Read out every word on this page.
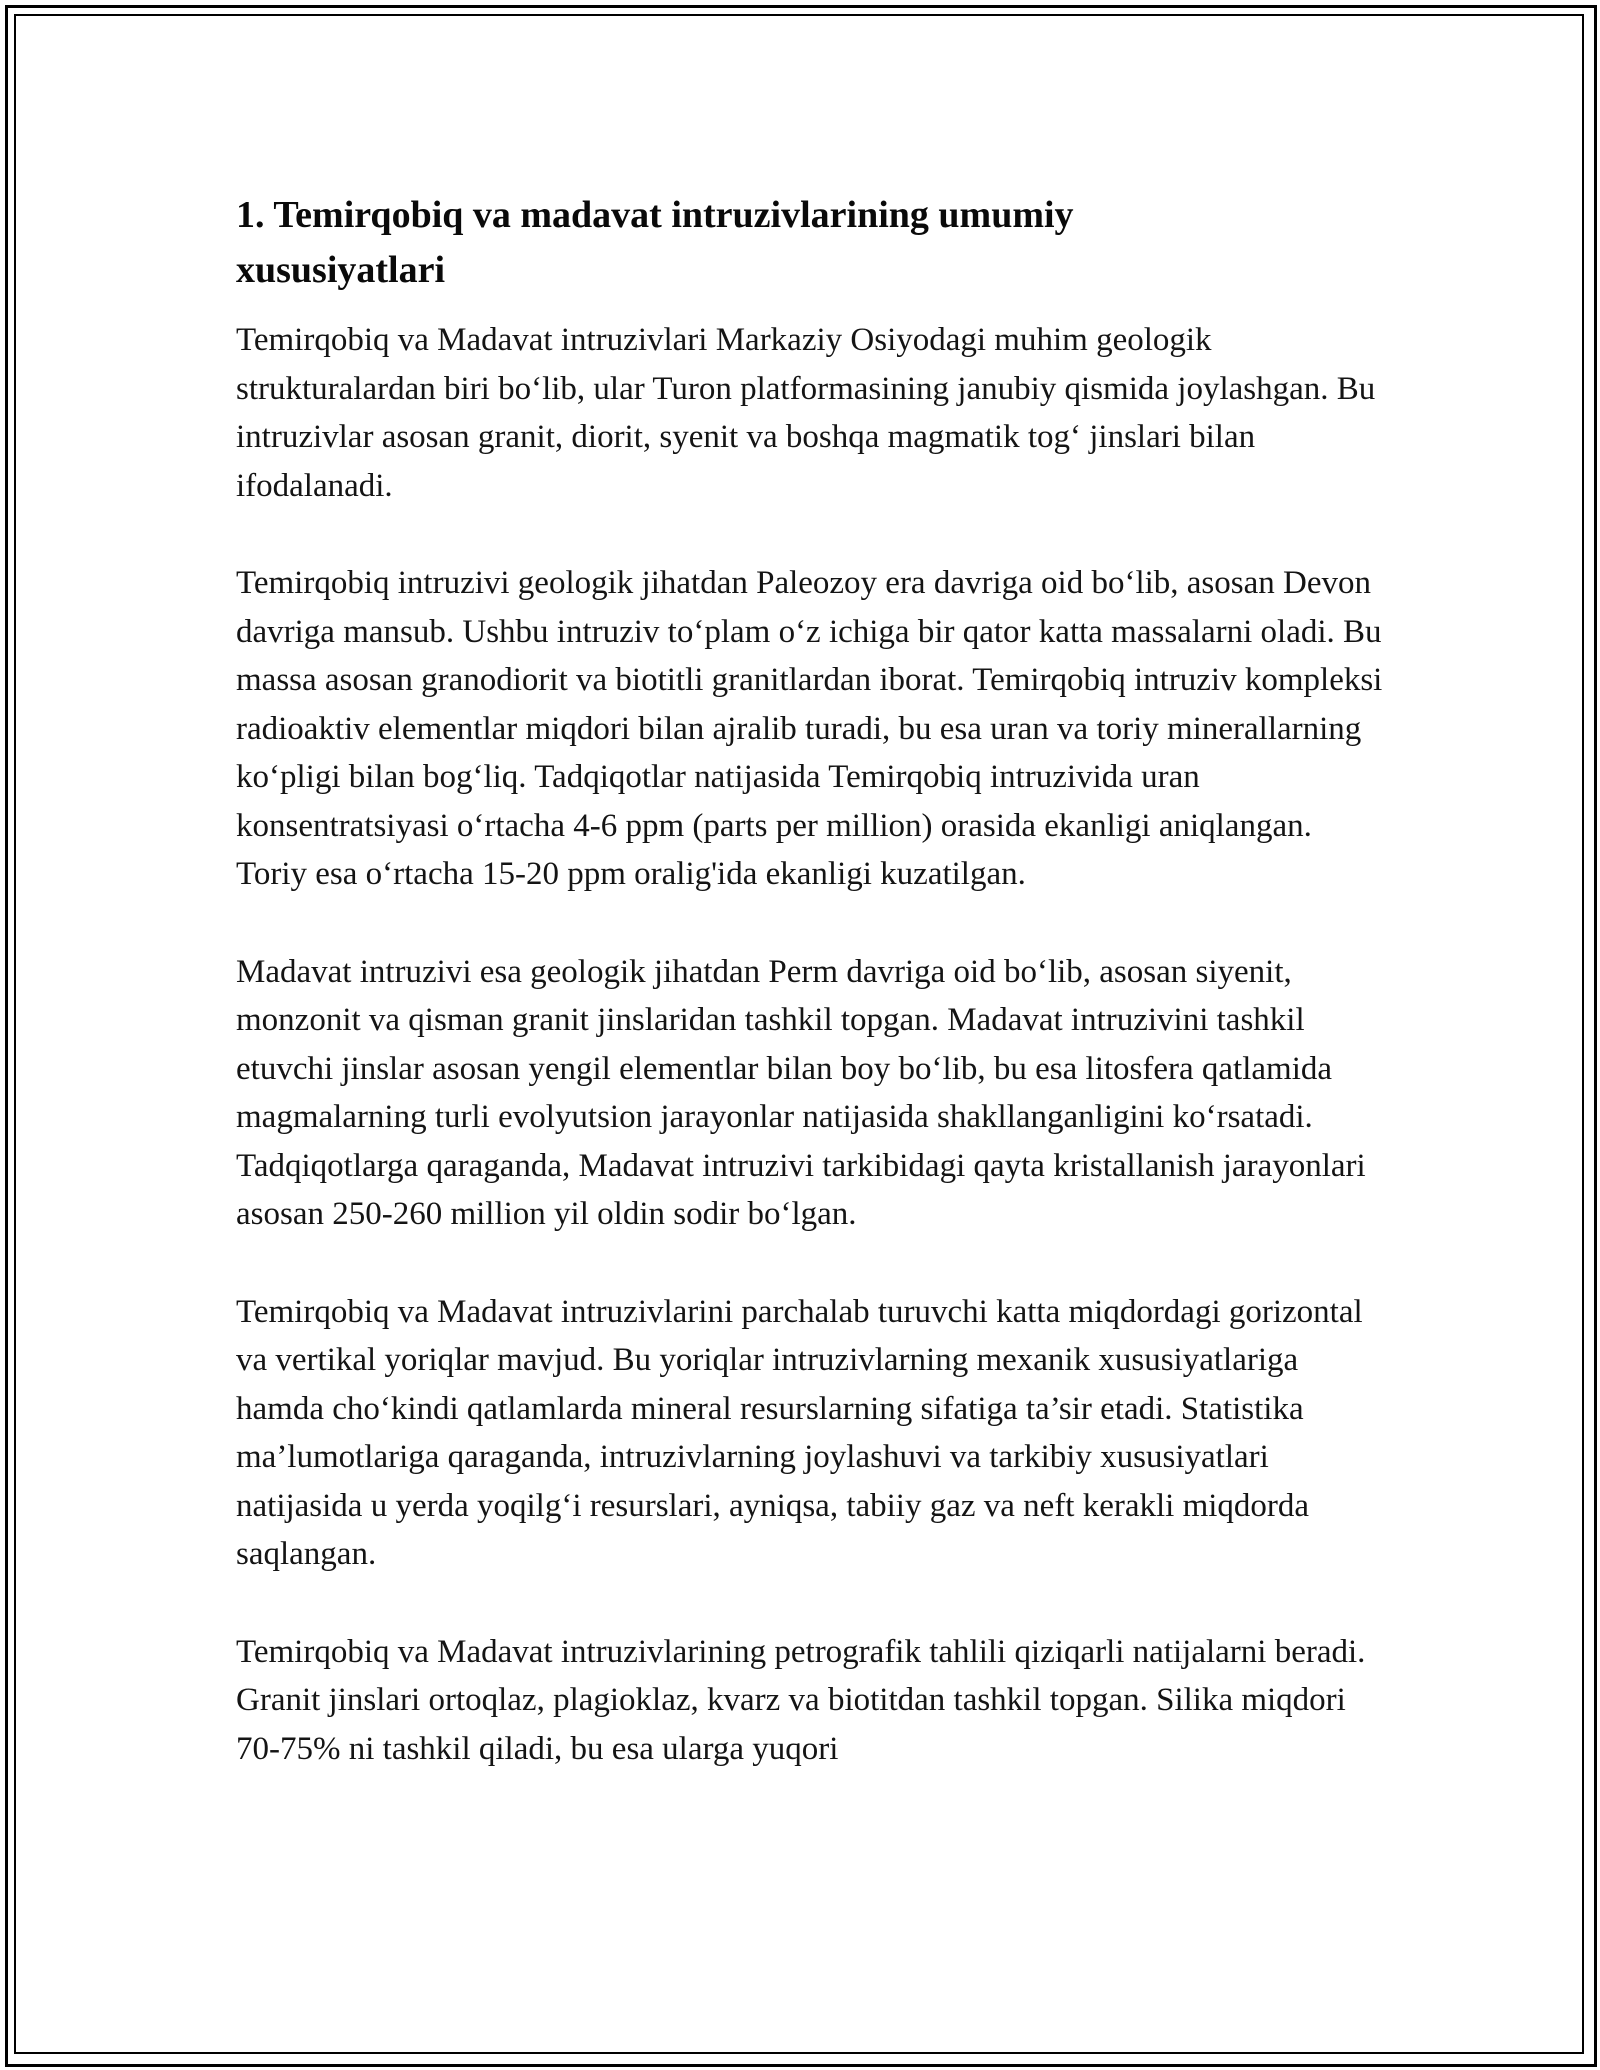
1. Temirqobiq va madavat intruzivlarining umumiy xususiyatlari

Temirqobiq va Madavat intruzivlari Markaziy Osiyodagi muhim geologik strukturalardan biri bo‘lib, ular Turon platformasining janubiy qismida joylashgan. Bu intruzivlar asosan granit, diorit, syenit va boshqa magmatik tog‘ jinslari bilan ifodalanadi.

Temirqobiq intruzivi geologik jihatdan Paleozoy era davriga oid bo‘lib, asosan Devon davriga mansub. Ushbu intruziv to‘plam o‘z ichiga bir qator katta massalarni oladi. Bu massa asosan granodiorit va biotitli granitlardan iborat. Temirqobiq intruziv kompleksi radioaktiv elementlar miqdori bilan ajralib turadi, bu esa uran va toriy minerallarning ko‘pligi bilan bog‘liq. Tadqiqotlar natijasida Temirqobiq intruzivida uran konsentratsiyasi o‘rtacha 4-6 ppm (parts per million) orasida ekanligi aniqlangan. Toriy esa o‘rtacha 15-20 ppm oralig'ida ekanligi kuzatilgan.

Madavat intruzivi esa geologik jihatdan Perm davriga oid bo‘lib, asosan siyenit, monzonit va qisman granit jinslaridan tashkil topgan. Madavat intruzivini tashkil etuvchi jinslar asosan yengil elementlar bilan boy bo‘lib, bu esa litosfera qatlamida magmalarning turli evolyutsion jarayonlar natijasida shakllanganligini ko‘rsatadi. Tadqiqotlarga qaraganda, Madavat intruzivi tarkibidagi qayta kristallanish jarayonlari asosan 250-260 million yil oldin sodir bo‘lgan.

Temirqobiq va Madavat intruzivlarini parchalab turuvchi katta miqdordagi gorizontal va vertikal yoriqlar mavjud. Bu yoriqlar intruzivlarning mexanik xususiyatlariga hamda cho‘kindi qatlamlarda mineral resurslarning sifatiga ta’sir etadi. Statistika ma’lumotlariga qaraganda, intruzivlarning joylashuvi va tarkibiy xususiyatlari natijasida u yerda yoqilg‘i resurslari, ayniqsa, tabiiy gaz va neft kerakli miqdorda saqlangan.

Temirqobiq va Madavat intruzivlarining petrografik tahlili qiziqarli natijalarni beradi. Granit jinslari ortoqlaz, plagioklaz, kvarz va biotitdan tashkil topgan. Silika miqdori 70-75% ni tashkil qiladi, bu esa ularga yuqori
